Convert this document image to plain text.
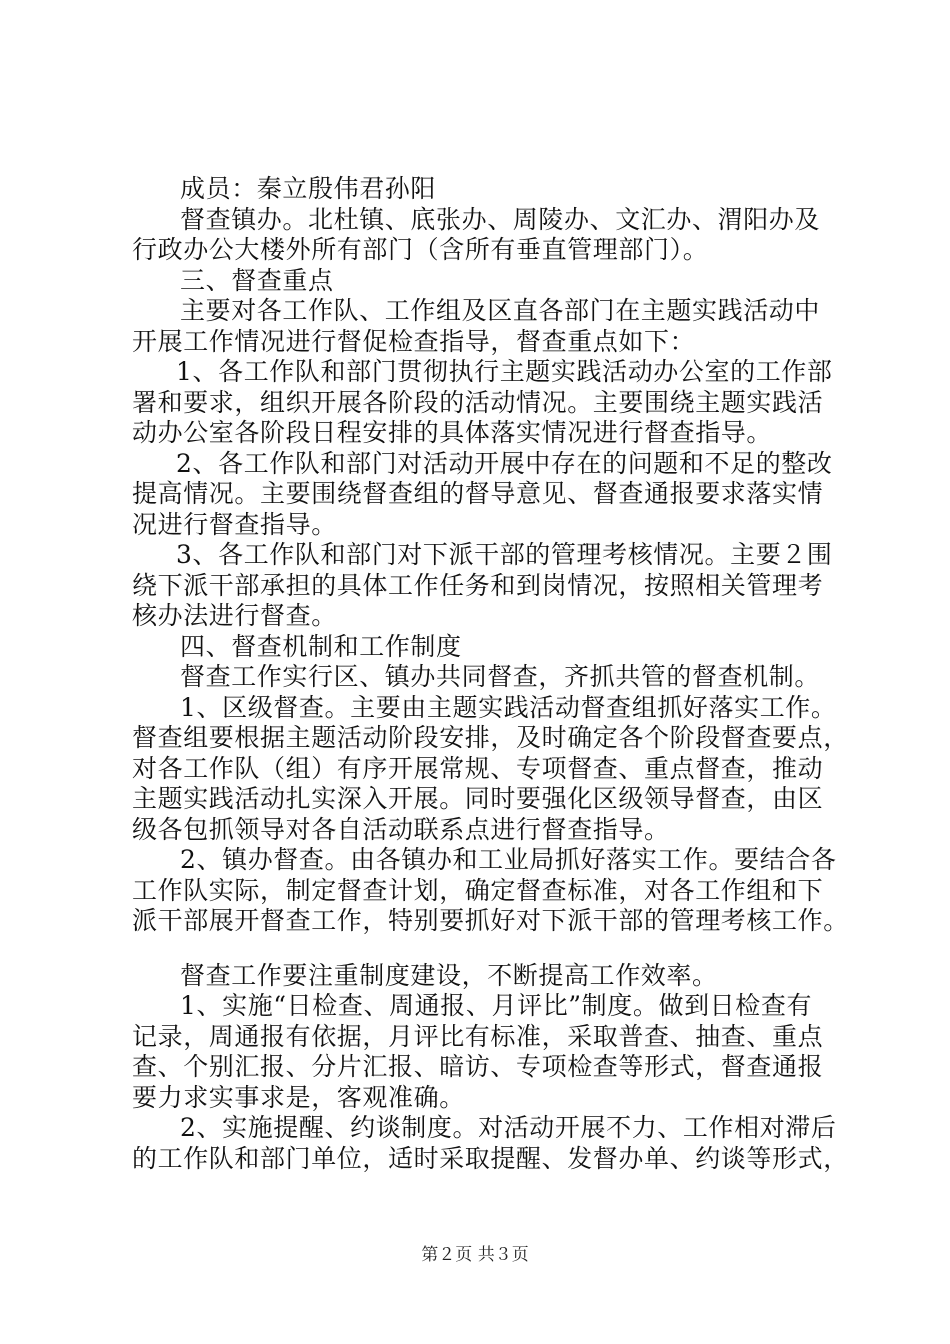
成员：秦立殷伟君孙阳
督查镇办。北杜镇、底张办、周陵办、文汇办、渭阳办及
行政办公大楼外所有部门（含所有垂直管理部门）。
三、督查重点
主要对各工作队、工作组及区直各部门在主题实践活动中
开展工作情况进行督促检查指导，督查重点如下：
1、各工作队和部门贯彻执行主题实践活动办公室的工作部
署和要求，组织开展各阶段的活动情况。主要围绕主题实践活
动办公室各阶段日程安排的具体落实情况进行督查指导。
2、各工作队和部门对活动开展中存在的问题和不足的整改
提高情况。主要围绕督查组的督导意见、督查通报要求落实情
况进行督查指导。
3、各工作队和部门对下派干部的管理考核情况。主要２围
绕下派干部承担的具体工作任务和到岗情况，按照相关管理考
核办法进行督查。
四、督查机制和工作制度
督查工作实行区、镇办共同督查，齐抓共管的督查机制。
1、区级督查。主要由主题实践活动督查组抓好落实工作。
督查组要根据主题活动阶段安排，及时确定各个阶段督查要点，
对各工作队（组）有序开展常规、专项督查、重点督查，推动
主题实践活动扎实深入开展。同时要强化区级领导督查，由区
级各包抓领导对各自活动联系点进行督查指导。
2、镇办督查。由各镇办和工业局抓好落实工作。要结合各
工作队实际，制定督查计划，确定督查标准，对各工作组和下
派干部展开督查工作，特别要抓好对下派干部的管理考核工作。
督查工作要注重制度建设，不断提高工作效率。
1、实施“日检查、周通报、月评比”制度。做到日检查有
记录，周通报有依据，月评比有标准，采取普查、抽查、重点
查、个别汇报、分片汇报、暗访、专项检查等形式，督查通报
要力求实事求是，客观准确。
2、实施提醒、约谈制度。对活动开展不力、工作相对滞后
的工作队和部门单位，适时采取提醒、发督办单、约谈等形式，
第２页 共３页
